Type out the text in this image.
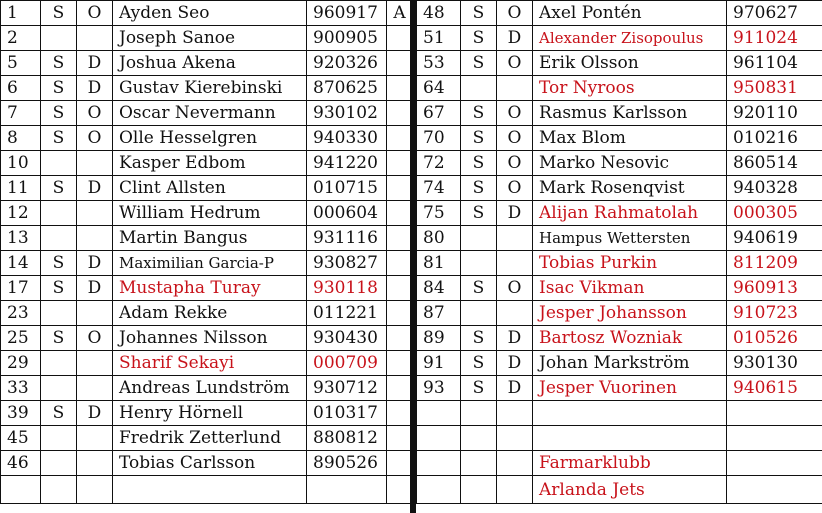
1	S	O	Ayden Seo	960917	A
2			Joseph Sanoe	900905	
5	S	D	Joshua Akena	920326	
6	S	D	Gustav Kierebinski	870625	
7	S	O	Oscar Nevermann	930102	
8	S	O	Olle Hesselgren	940330	
10			Kasper Edbom	941220	
11	S	D	Clint Allsten	010715	
12			William Hedrum	000604	
13			Martin Bangus	931116	
14	S	D	Maximilian Garcia-P	930827	
17	S	D	Mustapha Turay	930118	
23			Adam Rekke	011221	
25	S	O	Johannes Nilsson	930430	
29			Sharif Sekayi	000709	
33			Andreas Lundström	930712	
39	S	D	Henry Hörnell	010317	
45			Fredrik Zetterlund	880812	
46			Tobias Carlsson	890526	

48	S	O	Axel Pontén	970627
51	S	D	Alexander Zisopoulus	911024
53	S	O	Erik Olsson	961104
64			Tor Nyroos	950831
67	S	O	Rasmus Karlsson	920110
70	S	O	Max Blom	010216
72	S	O	Marko Nesovic	860514
74	S	O	Mark Rosenqvist	940328
75	S	D	Alijan Rahmatolah	000305
80			Hampus Wettersten	940619
81			Tobias Purkin	811209
84	S	O	Isac Vikman	960913
87			Jesper Johansson	910723
89	S	D	Bartosz Wozniak	010526
91	S	D	Johan Markström	930130
93	S	D	Jesper Vuorinen	940615

			Farmarklubb	
			Arlanda Jets	
